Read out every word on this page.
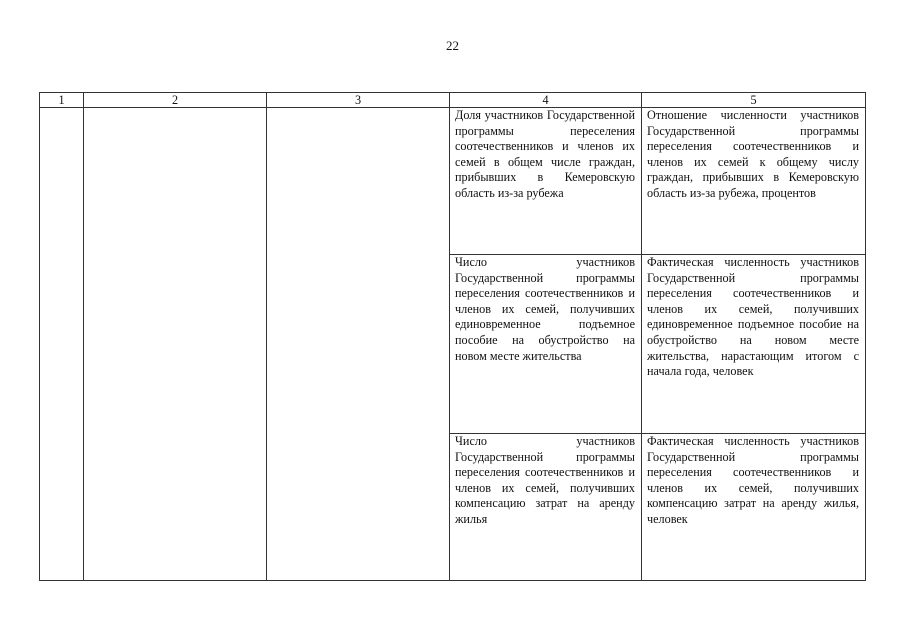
22
1	2	3	4	5
			Доля участников Государственной программы переселения соотечественников и членов их семей в общем числе граждан, прибывших в Кемеровскую область из-за рубежа	Отношение численности участников Государственной программы переселения соотечественников и членов их семей к общему числу граждан, прибывших в Кемеровскую область из-за рубежа, процентов
			Число участников Государственной программы переселения соотечественников и членов их семей, получивших единовременное подъемное пособие на обустройство на новом месте жительства	Фактическая численность участников Государственной программы переселения соотечественников и членов их семей, получивших единовременное подъемное пособие на обустройство на новом месте жительства, нарастающим итогом с начала года, человек
			Число участников Государственной программы переселения соотечественников и членов их семей, получивших компенсацию затрат на аренду жилья	Фактическая численность участников Государственной программы переселения соотечественников и членов их семей, получивших компенсацию затрат на аренду жилья, человек
